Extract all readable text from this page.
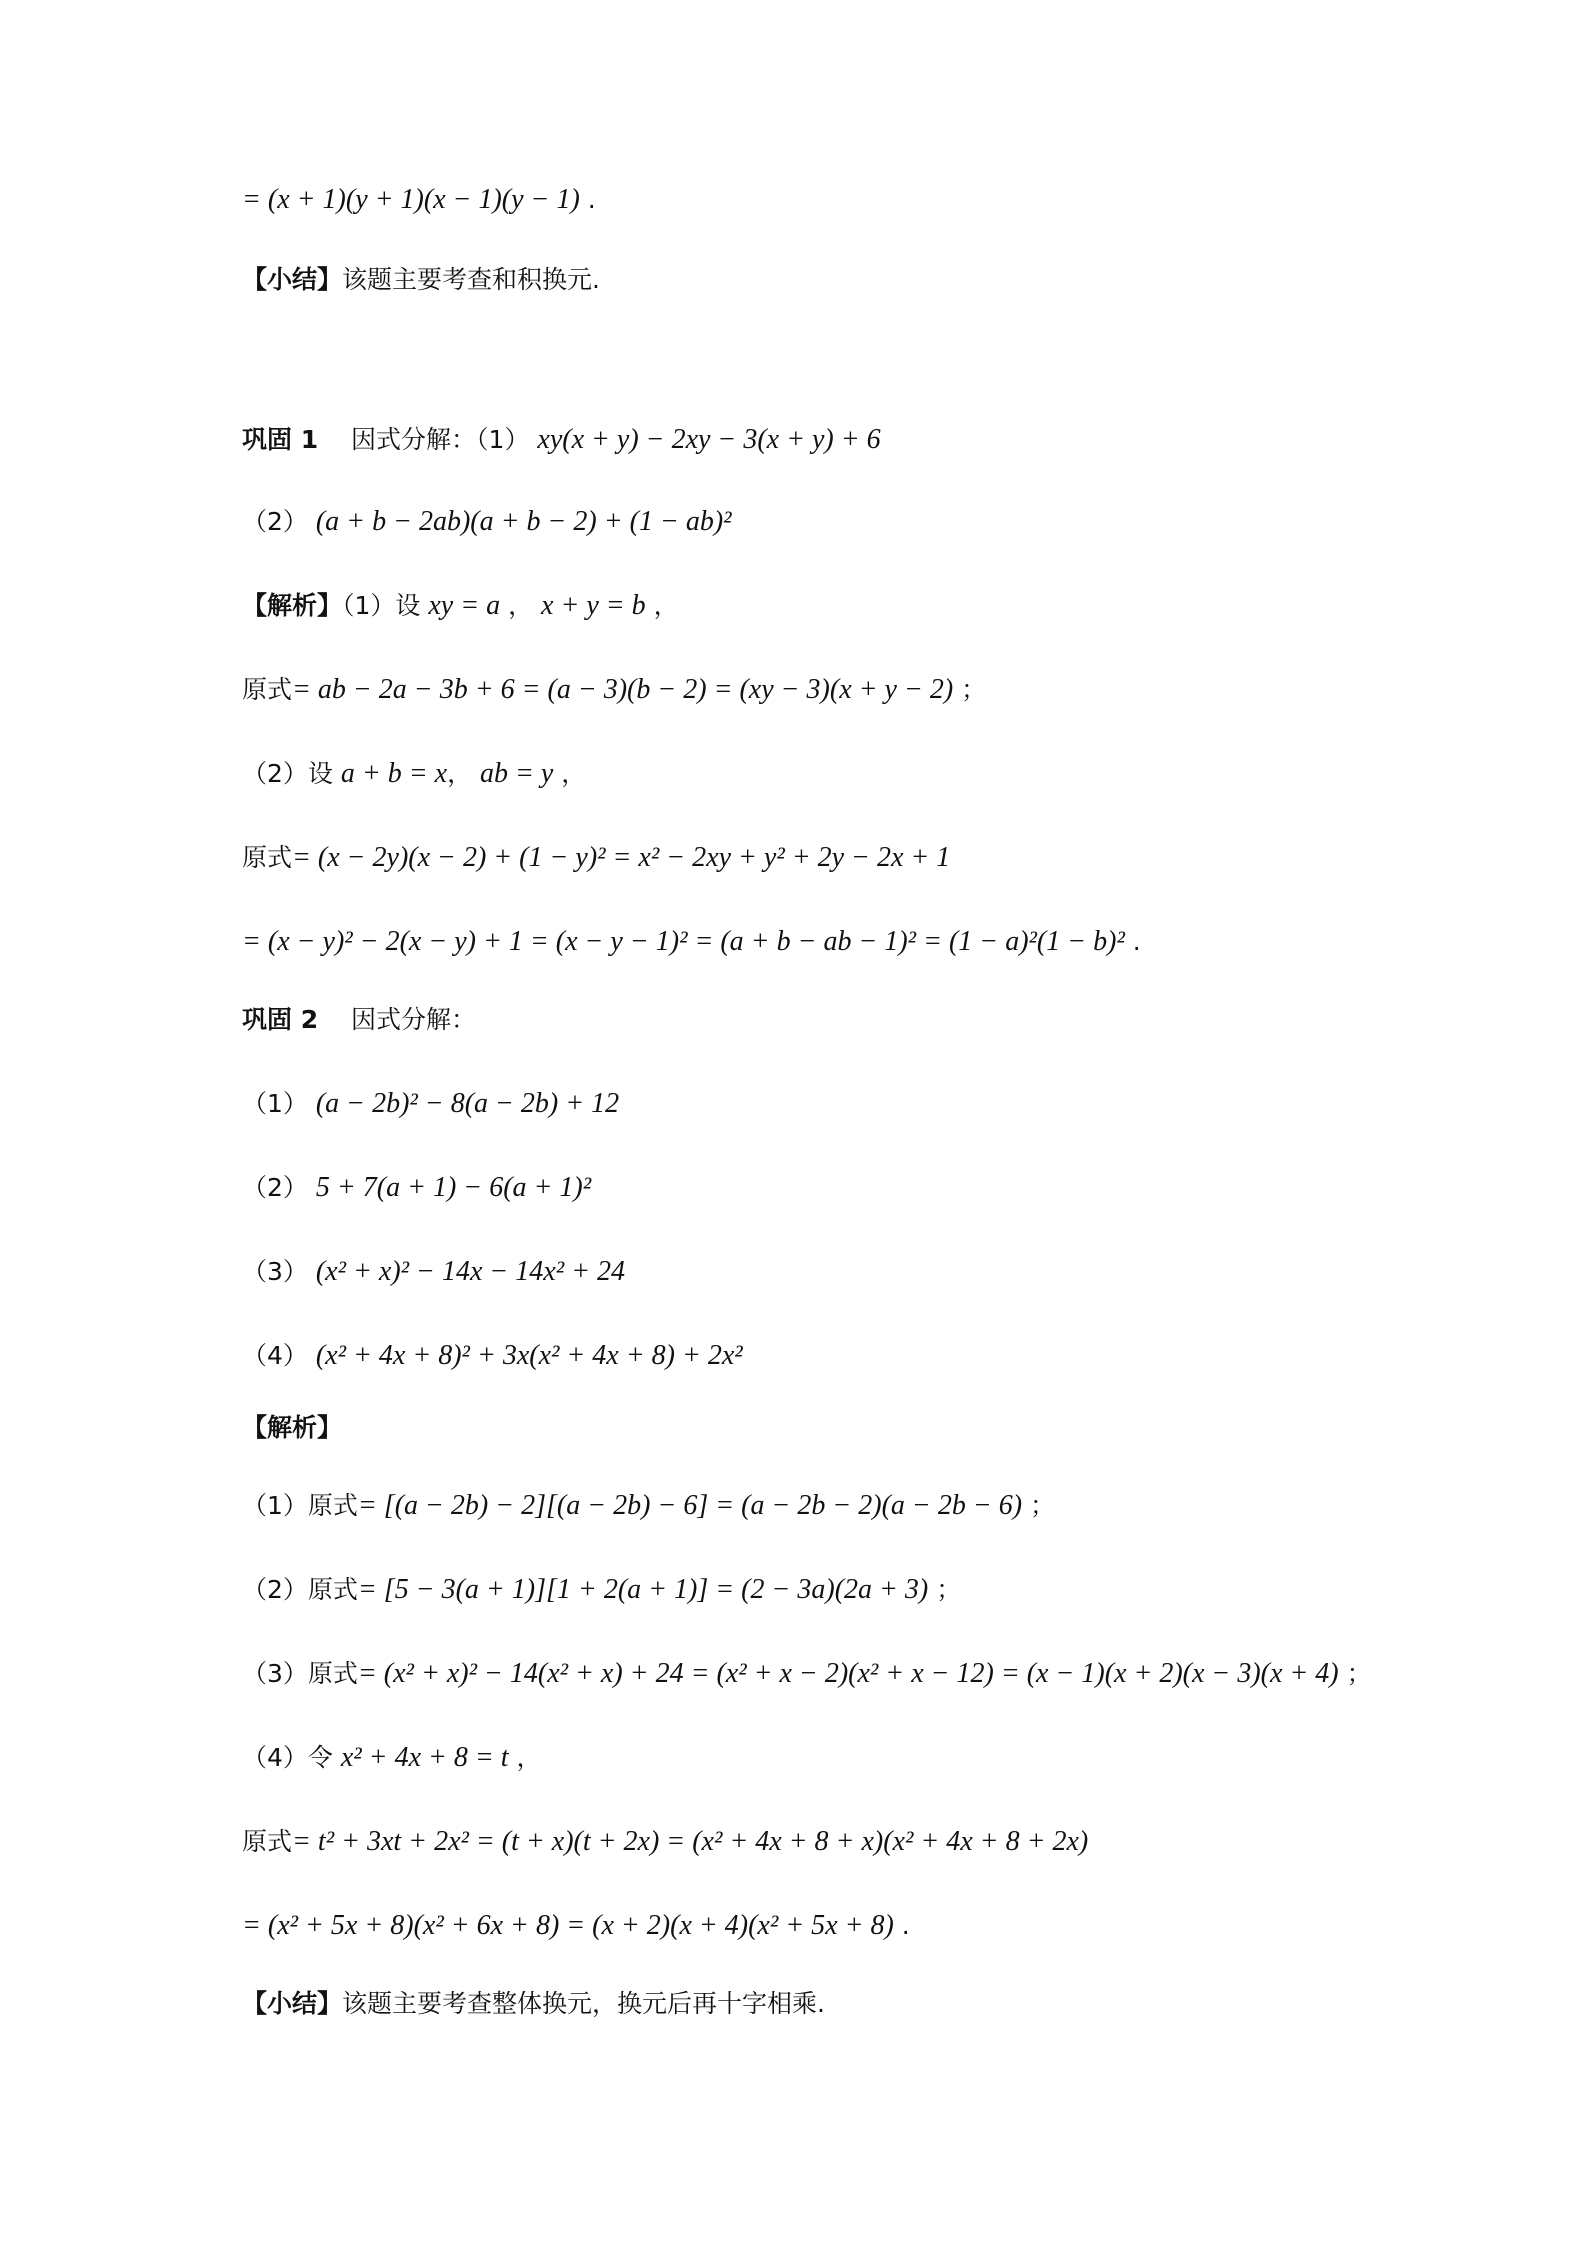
= (x + 1)(y + 1)(x − 1)(y − 1) .
【小结】该题主要考查和积换元.
巩固 1　 因式分解：（1） xy(x + y) − 2xy − 3(x + y) + 6
（2） (a + b − 2ab)(a + b − 2) + (1 − ab)²
【解析】（1）设 xy = a ， x + y = b ，
原式= ab − 2a − 3b + 6 = (a − 3)(b − 2) = (xy − 3)(x + y − 2) ；
（2）设 a + b = x， ab = y ，
原式= (x − 2y)(x − 2) + (1 − y)² = x² − 2xy + y² + 2y − 2x + 1
= (x − y)² − 2(x − y) + 1 = (x − y − 1)² = (a + b − ab − 1)² = (1 − a)²(1 − b)² .
巩固 2　 因式分解：
（1） (a − 2b)² − 8(a − 2b) + 12
（2） 5 + 7(a + 1) − 6(a + 1)²
（3） (x² + x)² − 14x − 14x² + 24
（4） (x² + 4x + 8)² + 3x(x² + 4x + 8) + 2x²
【解析】
（1）原式= [(a − 2b) − 2][(a − 2b) − 6] = (a − 2b − 2)(a − 2b − 6) ；
（2）原式= [5 − 3(a + 1)][1 + 2(a + 1)] = (2 − 3a)(2a + 3) ；
（3）原式= (x² + x)² − 14(x² + x) + 24 = (x² + x − 2)(x² + x − 12) = (x − 1)(x + 2)(x − 3)(x + 4) ；
（4）令 x² + 4x + 8 = t ，
原式= t² + 3xt + 2x² = (t + x)(t + 2x) = (x² + 4x + 8 + x)(x² + 4x + 8 + 2x)
= (x² + 5x + 8)(x² + 6x + 8) = (x + 2)(x + 4)(x² + 5x + 8) .
【小结】该题主要考查整体换元，换元后再十字相乘.
